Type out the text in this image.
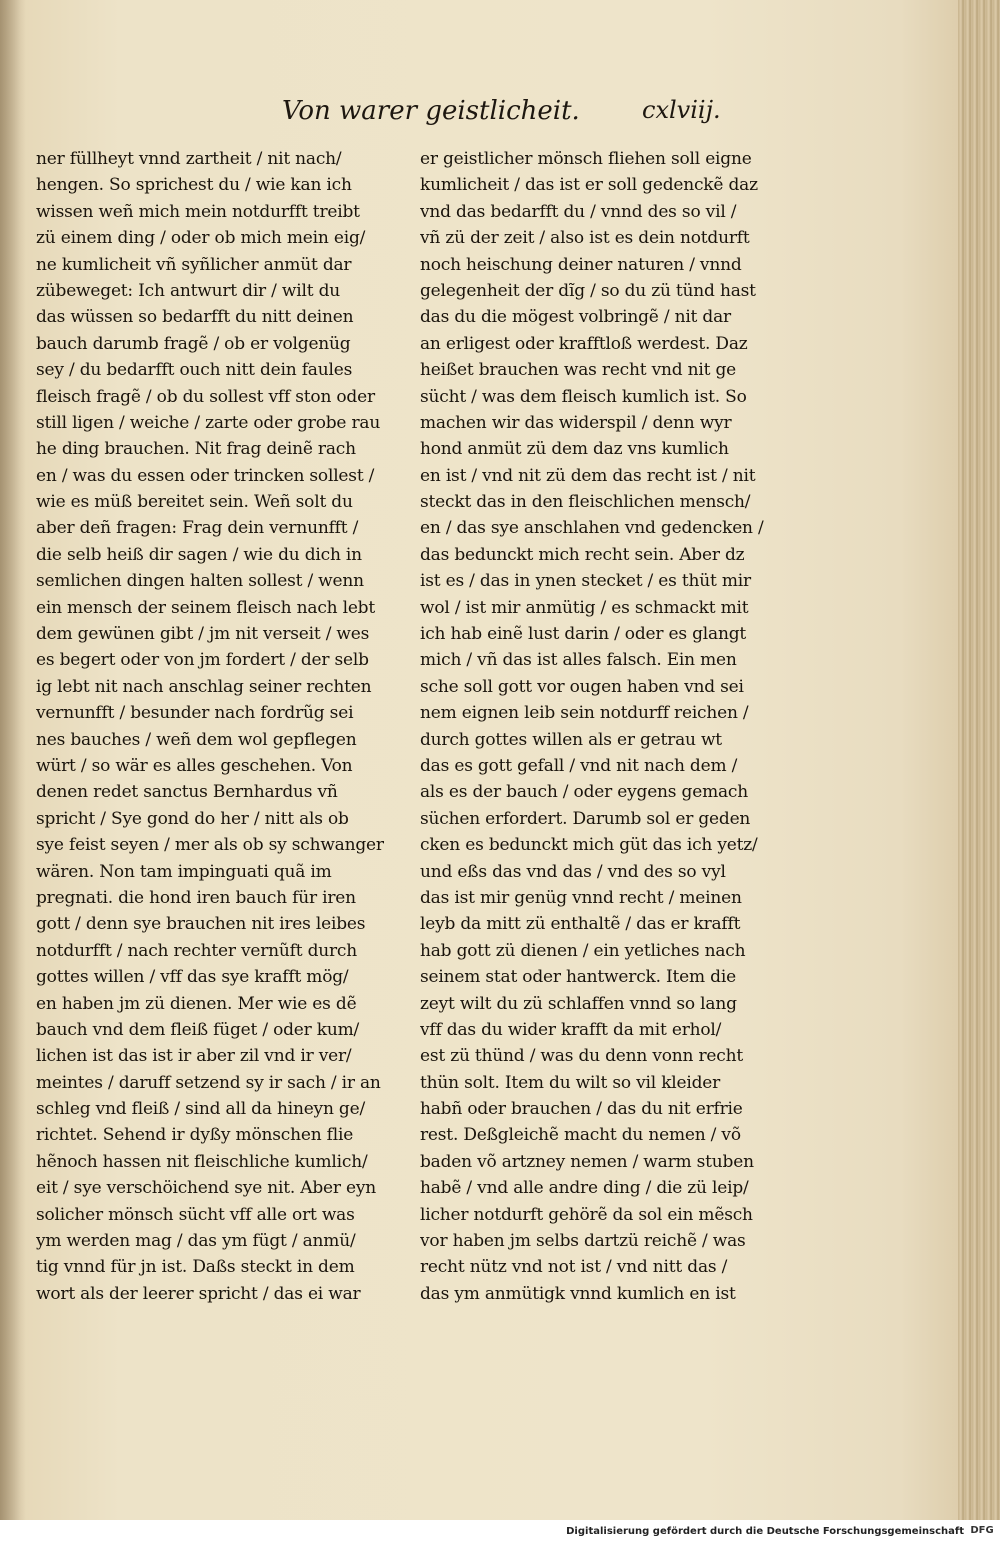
Von warer geistlicheit.	cxlviij.
ner füllheyt vnnd zartheit / nit nach/
hengen. So sprichest du / wie kan ich
wissen weñ mich mein notdurfft treibt
zü einem ding / oder ob mich mein eig/
ne kumlicheit vñ syñlicher anmüt dar
zübeweget: Ich antwurt dir / wilt du
das wüssen so bedarfft du nitt deinen
bauch darumb fragẽ / ob er volgenüg
sey / du bedarfft ouch nitt dein faules
fleisch fragẽ / ob du sollest vff ston oder
still ligen / weiche / zarte oder grobe rau
he ding brauchen. Nit frag deinẽ rach
en / was du essen oder trincken sollest /
wie es müß bereitet sein. Weñ solt du
aber deñ fragen: Frag dein vernunfft /
die selb heiß dir sagen / wie du dich in
semlichen dingen halten sollest / wenn
ein mensch der seinem fleisch nach lebt
dem gewünen gibt / jm nit verseit / wes
es begert oder von jm fordert / der selb
ig lebt nit nach anschlag seiner rechten
vernunfft / besunder nach fordrũg sei
nes bauches / weñ dem wol gepflegen
würt / so wär es alles geschehen. Von
denen redet sanctus Bernhardus vñ
spricht / Sye gond do her / nitt als ob
sye feist seyen / mer als ob sy schwanger
wären. Non tam impinguati quã im
pregnati. die hond iren bauch für iren
gott / denn sye brauchen nit ires leibes
notdurfft / nach rechter vernũft durch
gottes willen / vff das sye krafft mög/
en haben jm zü dienen. Mer wie es dẽ
bauch vnd dem fleiß füget / oder kum/
lichen ist das ist ir aber zil vnd ir ver/
meintes / daruff setzend sy ir sach / ir an
schleg vnd fleiß / sind all da hineyn ge/
richtet. Sehend ir dyßy mönschen flie
hẽnoch hassen nit fleischliche kumlich/
eit / sye verschöichend sye nit. Aber eyn
solicher mönsch sücht vff alle ort was
ym werden mag / das ym fügt / anmü/
tig vnnd für jn ist. Daßs steckt in dem
wort als der leerer spricht / das ei war
er geistlicher mönsch fliehen soll eigne
kumlicheit / das ist er soll gedenckẽ daz
vnd das bedarfft du / vnnd des so vil /
vñ zü der zeit / also ist es dein notdurft
noch heischung deiner naturen / vnnd
gelegenheit der dĩg / so du zü tünd hast
das du die mögest volbringẽ / nit dar
an erligest oder krafftloß werdest. Daz
heißet brauchen was recht vnd nit ge
sücht / was dem fleisch kumlich ist. So
machen wir das widerspil / denn wyr
hond anmüt zü dem daz vns kumlich
en ist / vnd nit zü dem das recht ist / nit
steckt das in den fleischlichen mensch/
en / das sye anschlahen vnd gedencken /
das bedunckt mich recht sein. Aber dz
ist es / das in ynen stecket / es thüt mir
wol / ist mir anmütig / es schmackt mit
ich hab einẽ lust darin / oder es glangt
mich / vñ das ist alles falsch. Ein men
sche soll gott vor ougen haben vnd sei
nem eignen leib sein notdurff reichen /
durch gottes willen als er getrau wt
das es gott gefall / vnd nit nach dem /
als es der bauch / oder eygens gemach
süchen erfordert. Darumb sol er geden
cken es bedunckt mich güt das ich yetz/
und eßs das vnd das / vnd des so vyl
das ist mir genüg vnnd recht / meinen
leyb da mitt zü enthaltẽ / das er krafft
hab gott zü dienen / ein yetliches nach
seinem stat oder hantwerck. Item die
zeyt wilt du zü schlaffen vnnd so lang
vff das du wider krafft da mit erhol/
est zü thünd / was du denn vonn recht
thün solt. Item du wilt so vil kleider
habñ oder brauchen / das du nit erfrie
rest. Deßgleichẽ macht du nemen / võ
baden võ artzney nemen / warm stuben
habẽ / vnd alle andre ding / die zü leip/
licher notdurft gehörẽ da sol ein mẽsch
vor haben jm selbs dartzü reichẽ / was
recht nütz vnd not ist / vnd nitt das /
das ym anmütigk vnnd kumlich en ist
Digitalisierung gefördert durch die Deutsche Forschungsgemeinschaft DFG
